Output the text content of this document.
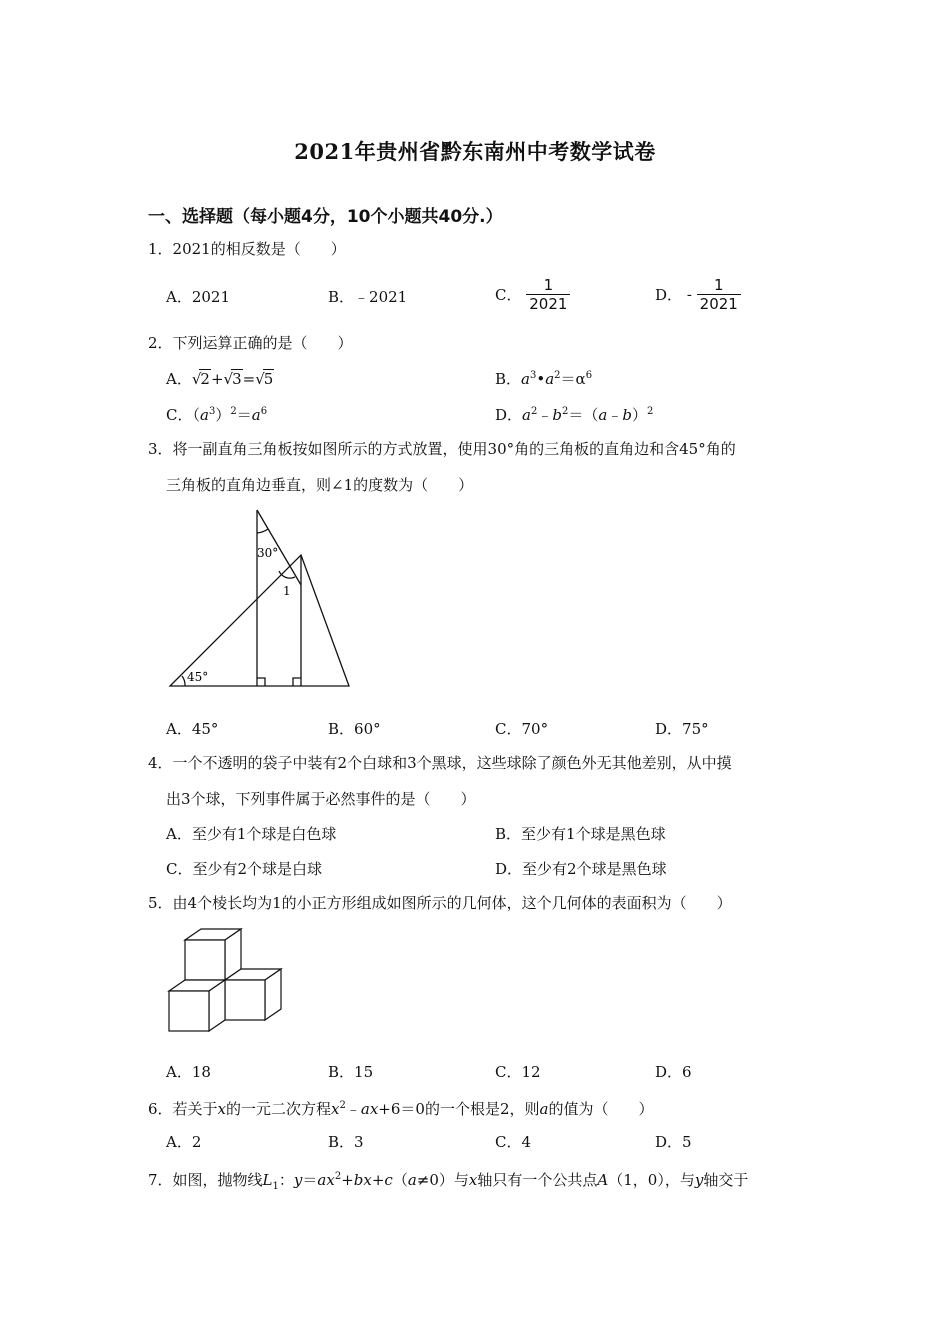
2021年贵州省黔东南州中考数学试卷
一、选择题（每小题4分，10个小题共40分.）
1．2021的相反数是（　　）
A．2021	B．﹣2021	C． $\frac{1}{2021}$	D． - $\frac{1}{2021}$
2．下列运算正确的是（　　）
A．√2+√3=√5	B．$a^3•a^2=\alpha^6$
C．$(a^3)^2=a^6$	D．$a^2﹣b^2=(a﹣b)^2$
3．将一副直角三角板按如图所示的方式放置，使用30°角的三角板的直角边和含45°角的
三角板的直角边垂直，则∠1的度数为（　　）
30°
45°
1
A．45°	B．60°	C．70°	D．75°
4．一个不透明的袋子中装有2个白球和3个黑球，这些球除了颜色外无其他差别，从中摸
出3个球，下列事件属于必然事件的是（　　）
A．至少有1个球是白色球	B．至少有1个球是黑色球
C．至少有2个球是白球	D．至少有2个球是黑色球
5．由4个棱长均为1的小正方形组成如图所示的几何体，这个几何体的表面积为（　　）
A．18	B．15	C．12	D．6
6．若关于x的一元二次方程$x^2﹣ax+6=0$的一个根是2，则a的值为（　　）
A．2	B．3	C．4	D．5
7．如图，抛物线$L_1$：$y=ax^2+bx+c(a\ne 0)$与x轴只有一个公共点A（1，0），与y轴交于
